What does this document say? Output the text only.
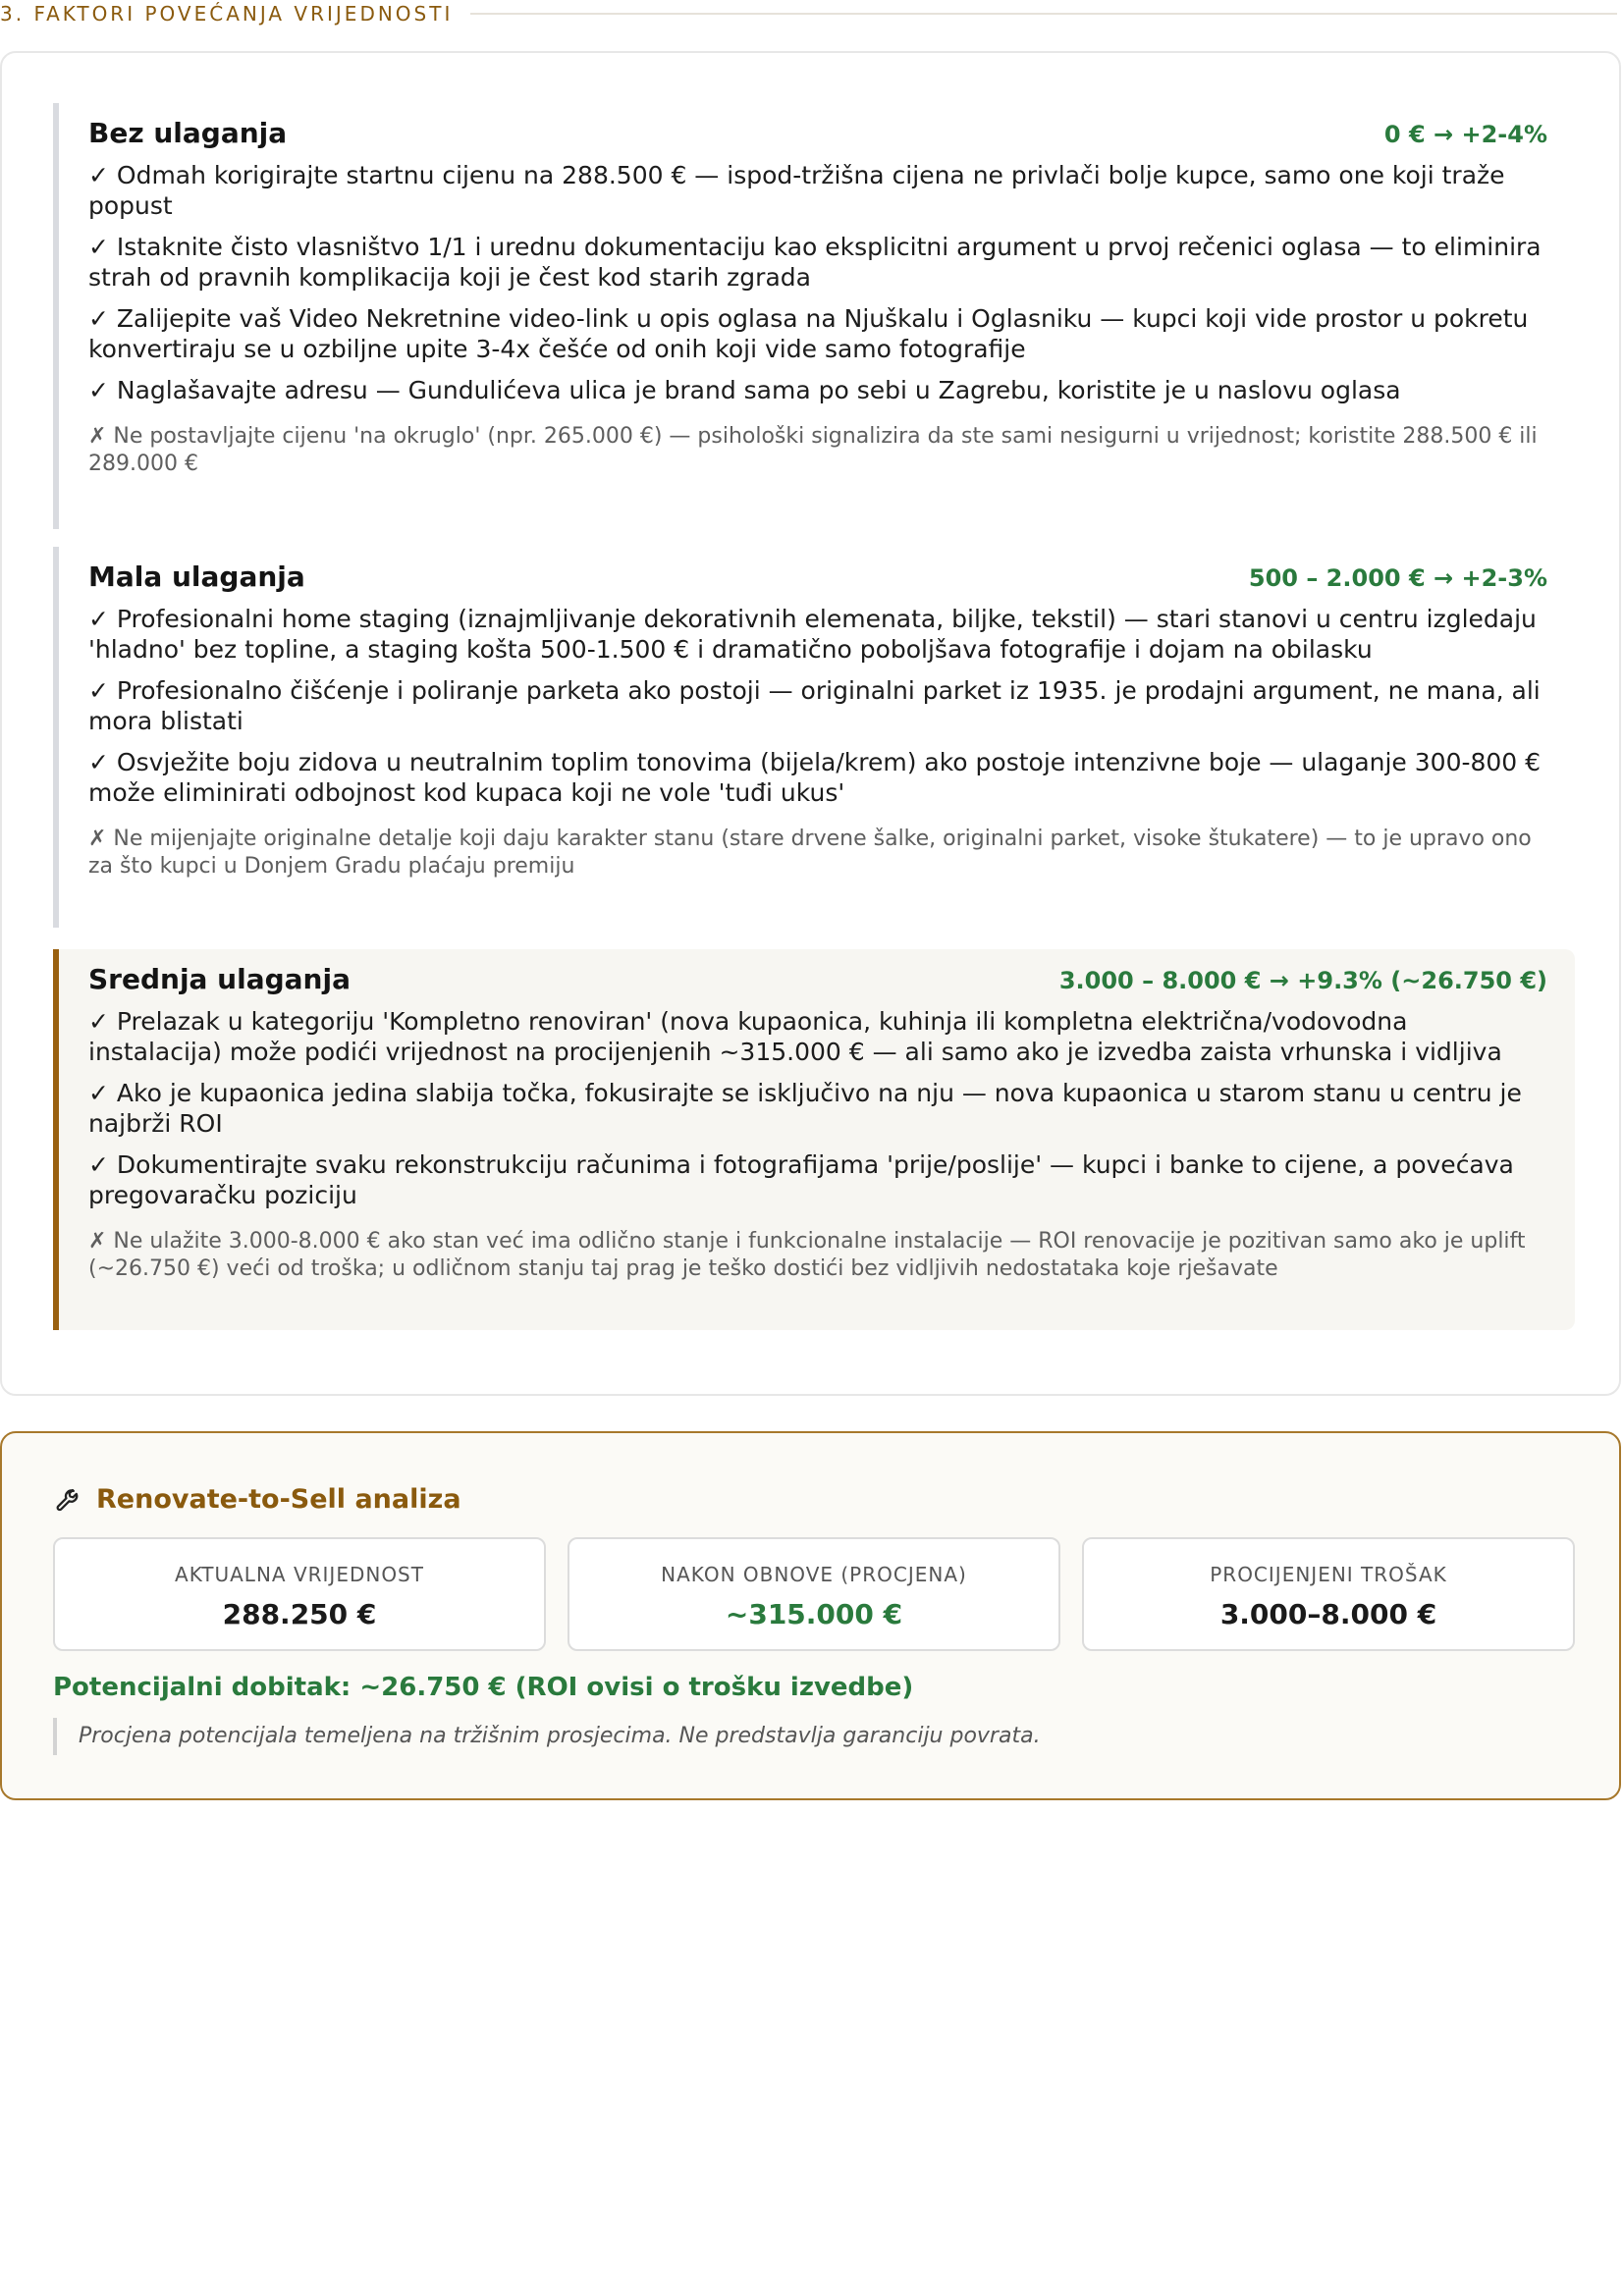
3. FAKTORI POVEĆANJA VRIJEDNOSTI
Bez ulaganja	0 € → +2-4%
✓ Odmah korigirajte startnu cijenu na 288.500 € — ispod-tržišna cijena ne privlači bolje kupce, samo one koji traže popust
✓ Istaknite čisto vlasništvo 1/1 i urednu dokumentaciju kao eksplicitni argument u prvoj rečenici oglasa — to eliminira strah od pravnih komplikacija koji je čest kod starih zgrada
✓ Zalijepite vaš Video Nekretnine video-link u opis oglasa na Njuškalu i Oglasniku — kupci koji vide prostor u pokretu konvertiraju se u ozbiljne upite 3-4x češće od onih koji vide samo fotografije
✓ Naglašavajte adresu — Gundulićeva ulica je brand sama po sebi u Zagrebu, koristite je u naslovu oglasa
✗ Ne postavljajte cijenu 'na okruglo' (npr. 265.000 €) — psihološki signalizira da ste sami nesigurni u vrijednost; koristite 288.500 € ili 289.000 €
Mala ulaganja	500 – 2.000 € → +2-3%
✓ Profesionalni home staging (iznajmljivanje dekorativnih elemenata, biljke, tekstil) — stari stanovi u centru izgledaju 'hladno' bez topline, a staging košta 500-1.500 € i dramatično poboljšava fotografije i dojam na obilasku
✓ Profesionalno čišćenje i poliranje parketa ako postoji — originalni parket iz 1935. je prodajni argument, ne mana, ali mora blistati
✓ Osvježite boju zidova u neutralnim toplim tonovima (bijela/krem) ako postoje intenzivne boje — ulaganje 300-800 € može eliminirati odbojnost kod kupaca koji ne vole 'tuđi ukus'
✗ Ne mijenjajte originalne detalje koji daju karakter stanu (stare drvene šalke, originalni parket, visoke štukatere) — to je upravo ono za što kupci u Donjem Gradu plaćaju premiju
Srednja ulaganja	3.000 – 8.000 € → +9.3% (~26.750 €)
✓ Prelazak u kategoriju 'Kompletno renoviran' (nova kupaonica, kuhinja ili kompletna električna/vodovodna instalacija) može podići vrijednost na procijenjenih ~315.000 € — ali samo ako je izvedba zaista vrhunska i vidljiva
✓ Ako je kupaonica jedina slabija točka, fokusirajte se isključivo na nju — nova kupaonica u starom stanu u centru je najbrži ROI
✓ Dokumentirajte svaku rekonstrukciju računima i fotografijama 'prije/poslije' — kupci i banke to cijene, a povećava pregovaračku poziciju
✗ Ne ulažite 3.000-8.000 € ako stan već ima odlično stanje i funkcionalne instalacije — ROI renovacije je pozitivan samo ako je uplift (~26.750 €) veći od troška; u odličnom stanju taj prag je teško dostići bez vidljivih nedostataka koje rješavate
Renovate-to-Sell analiza
AKTUALNA VRIJEDNOST
288.250 €
NAKON OBNOVE (PROCJENA)
~315.000 €
PROCIJENJENI TROŠAK
3.000–8.000 €
Potencijalni dobitak: ~26.750 € (ROI ovisi o trošku izvedbe)
Procjena potencijala temeljena na tržišnim prosjecima. Ne predstavlja garanciju povrata.
